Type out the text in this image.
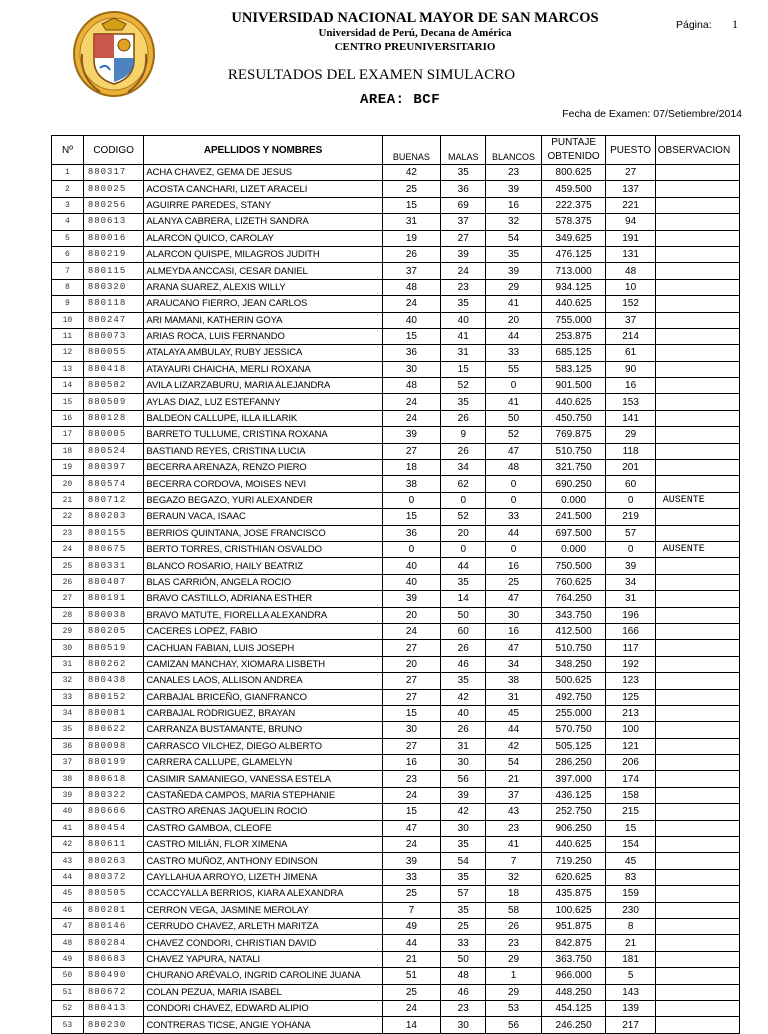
UNIVERSIDAD NACIONAL MAYOR DE SAN MARCOS
Universidad de Perú, Decana de América
CENTRO PREUNIVERSITARIO
Página: 1
RESULTADOS DEL EXAMEN SIMULACRO
AREA: BCF
Fecha de Examen: 07/Setiembre/2014
Nº	CODIGO	APELLIDOS Y NOMBRES				PUNTAJE OBTENIDO	PUESTO	OBSERVACION
			BUENAS	MALAS	BLANCOS			
1	880317	ACHA CHAVEZ, GEMA DE JESUS	42	35	23	800.625	27	
2	880025	ACOSTA CANCHARI, LIZET ARACELI	25	36	39	459.500	137	
3	880256	AGUIRRE PAREDES, STANY	15	69	16	222.375	221	
4	880613	ALANYA CABRERA, LIZETH SANDRA	31	37	32	578.375	94	
5	880016	ALARCON QUICO, CAROLAY	19	27	54	349.625	191	
6	880219	ALARCON QUISPE, MILAGROS JUDITH	26	39	35	476.125	131	
7	880115	ALMEYDA ANCCASI, CESAR DANIEL	37	24	39	713.000	48	
8	880320	ARANA SUAREZ, ALEXIS WILLY	48	23	29	934.125	10	
9	880118	ARAUCANO FIERRO, JEAN CARLOS	24	35	41	440.625	152	
10	880247	ARI MAMANI, KATHERIN GOYA	40	40	20	755.000	37	
11	880073	ARIAS ROCA, LUIS FERNANDO	15	41	44	253.875	214	
12	880055	ATALAYA AMBULAY, RUBY JESSICA	36	31	33	685.125	61	
13	880418	ATAYAURI CHAICHA, MERLI ROXANA	30	15	55	583.125	90	
14	880582	AVILA LIZARZABURU, MARIA ALEJANDRA	48	52	0	901.500	16	
15	880509	AYLAS DIAZ, LUZ ESTEFANNY	24	35	41	440.625	153	
16	880128	BALDEON CALLUPE, ILLA ILLARIK	24	26	50	450.750	141	
17	880005	BARRETO TULLUME, CRISTINA ROXANA	39	9	52	769.875	29	
18	880524	BASTIAND REYES, CRISTINA LUCIA	27	26	47	510.750	118	
19	880397	BECERRA ARENAZA, RENZO PIERO	18	34	48	321.750	201	
20	880574	BECERRA CORDOVA, MOISES NEVI	38	62	0	690.250	60	
21	880712	BEGAZO BEGAZO, YURI ALEXANDER	0	0	0	0.000	0	AUSENTE
22	880203	BERAUN VACA, ISAAC	15	52	33	241.500	219	
23	880155	BERRIOS QUINTANA, JOSE FRANCISCO	36	20	44	697.500	57	
24	880675	BERTO TORRES, CRISTHIAN OSVALDO	0	0	0	0.000	0	AUSENTE
25	880331	BLANCO ROSARIO, HAILY BEATRIZ	40	44	16	750.500	39	
26	880407	BLAS CARRIÓN, ANGELA ROCIO	40	35	25	760.625	34	
27	880191	BRAVO CASTILLO, ADRIANA ESTHER	39	14	47	764.250	31	
28	880038	BRAVO MATUTE, FIORELLA ALEXANDRA	20	50	30	343.750	196	
29	880205	CACERES LOPEZ, FABIO	24	60	16	412.500	166	
30	880519	CACHUAN FABIAN, LUIS JOSEPH	27	26	47	510.750	117	
31	880262	CAMIZAN MANCHAY, XIOMARA LISBETH	20	46	34	348.250	192	
32	880438	CANALES LAOS, ALLISON ANDREA	27	35	38	500.625	123	
33	880152	CARBAJAL BRICEÑO, GIANFRANCO	27	42	31	492.750	125	
34	880081	CARBAJAL RODRIGUEZ, BRAYAN	15	40	45	255.000	213	
35	880622	CARRANZA BUSTAMANTE, BRUNO	30	26	44	570.750	100	
36	880098	CARRASCO VILCHEZ, DIEGO ALBERTO	27	31	42	505.125	121	
37	880199	CARRERA CALLUPE, GLAMELYN	16	30	54	286.250	206	
38	880618	CASIMIR SAMANIEGO, VANESSA ESTELA	23	56	21	397.000	174	
39	880322	CASTAÑEDA CAMPOS, MARIA STEPHANIE	24	39	37	436.125	158	
40	880666	CASTRO ARENAS JAQUELIN ROCIO	15	42	43	252.750	215	
41	880454	CASTRO GAMBOA, CLEOFE	47	30	23	906.250	15	
42	880611	CASTRO MILIÁN, FLOR XIMENA	24	35	41	440.625	154	
43	880263	CASTRO MUÑOZ, ANTHONY EDINSON	39	54	7	719.250	45	
44	880372	CAYLLAHUA ARROYO, LIZETH JIMENA	33	35	32	620.625	83	
45	880505	CCACCYALLA BERRIOS, KIARA ALEXANDRA	25	57	18	435.875	159	
46	880201	CERRON VEGA, JASMINE MEROLAY	7	35	58	100.625	230	
47	880146	CERRUDO CHAVEZ, ARLETH MARITZA	49	25	26	951.875	8	
48	880284	CHAVEZ CONDORI, CHRISTIAN DAVID	44	33	23	842.875	21	
49	880683	CHAVEZ YAPURA, NATALI	21	50	29	363.750	181	
50	880490	CHURANO ARÉVALO, INGRID CAROLINE JUANA	51	48	1	966.000	5	
51	880672	COLAN PEZUA, MARIA ISABEL	25	46	29	448.250	143	
52	880413	CONDORI CHAVEZ, EDWARD ALIPIO	24	23	53	454.125	139	
53	880230	CONTRERAS TICSE, ANGIE YOHANA	14	30	56	246.250	217	
